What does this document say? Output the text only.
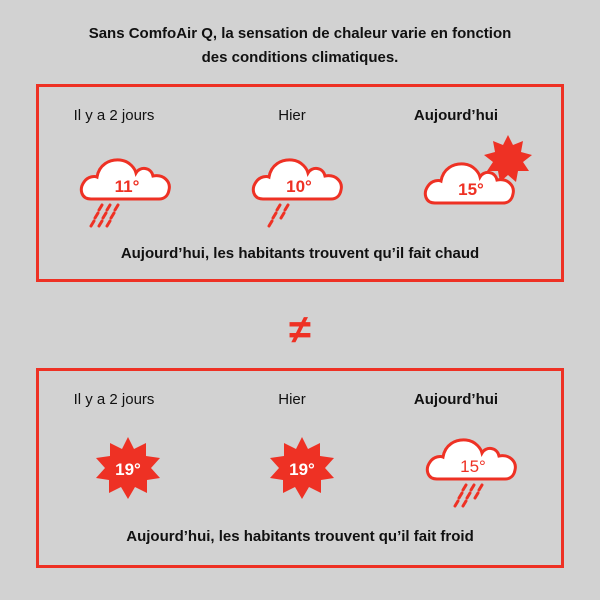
Sans ComfoAir Q, la sensation de chaleur varie en fonction
des conditions climatiques.
Il y a 2 jours	Hier	Aujourd’hui
11°	10°	15°
Aujourd’hui, les habitants trouvent qu’il fait chaud
≠
Il y a 2 jours	Hier	Aujourd’hui
19°	19°	15°
Aujourd’hui, les habitants trouvent qu’il fait froid
